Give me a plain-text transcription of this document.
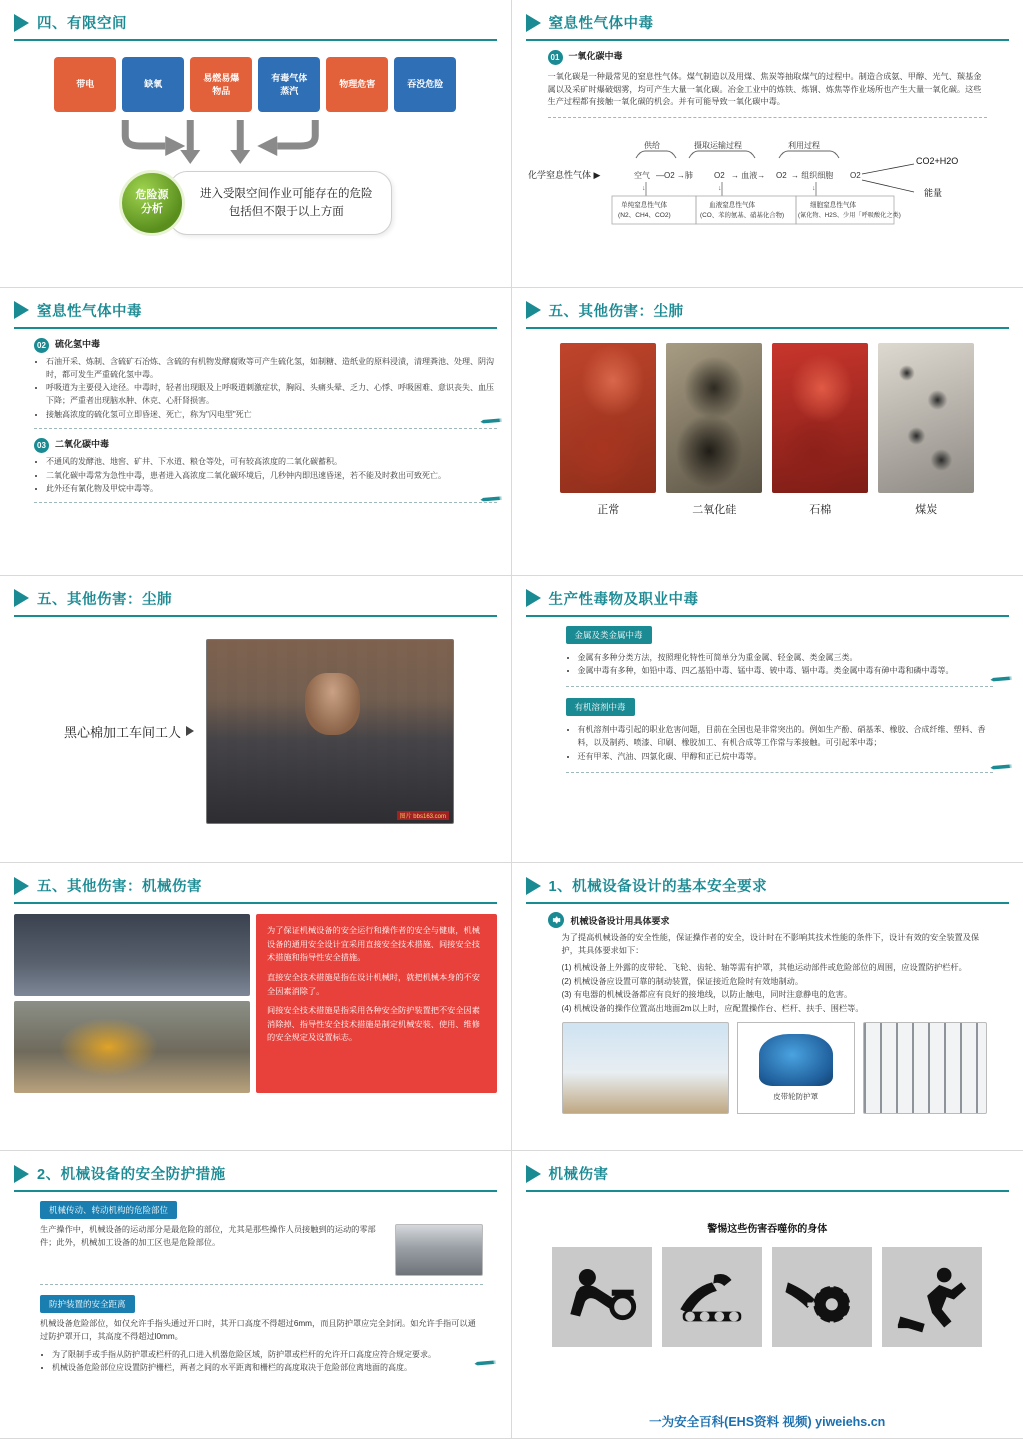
四、有限空间
带电	缺氧
易燃易爆
物品
有毒气体
蒸汽
物理危害	吞没危险
危险源
分析
进入受限空间作业可能存在的危险
包括但不限于以上方面
窒息性气体中毒
01	一氧化碳中毒
一氧化碳是一种最常见的窒息性气体。煤气制造以及用煤、焦炭等抽取煤气的过程中。制造合成氨、甲醇、光气、羰基金属以及采矿时爆破烟雾，均可产生大量一氧化碳。冶金工业中的炼铁、炼钢、炼焦等作业场所也产生大量一氧化碳。这些生产过程都有接触一氧化碳的机会。并有可能导致一氧化碳中毒。
化学窒息性气体 ▶
供给	摄取运输过程	利用过程
空气 —O2 →肺	O2 → 血液→ O2 → 组织细胞 O2
CO2+H2O
能量
↓	↓	↓
单纯窒息性气体
(N2、CH4、CO2)
血液窒息性气体
(CO、苯的氨基、硝基化合物)
细胞窒息性气体
(氰化物、H2S、少用「呼吸酸化之类)
窒息性气体中毒
02	硫化氢中毒
• 石油开采、炼制、含硫矿石冶炼、含硫的有机物发酵腐败等可产生硫化氢，如制糖、造纸业的原料浸渍，清理粪池、处理、阴沟时，都可发生严重硫化氢中毒。
• 呼吸道为主要侵入途径。中毒时，轻者出现眼及上呼吸道刺激症状，胸闷、头痛头晕、乏力、心悸、呼吸困难、意识丧失、血压下降；严重者出现脑水肿、休克、心肝肾损害。
• 接触高浓度的硫化氢可立即昏迷、死亡，称为"闪电型"死亡
03	二氧化碳中毒
• 不通风的发酵池、地窖、矿井、下水道、粮仓等处，可有较高浓度的二氧化碳蓄积。
• 二氧化碳中毒常为急性中毒，患者进入高浓度二氧化碳环境后，几秒钟内即迅速昏迷，若不能及时救出可致死亡。
• 此外还有氰化物及甲烷中毒等。
五、其他伤害：尘肺
正常	二氧化硅	石棉	煤炭
五、其他伤害：尘肺
黑心棉加工车间工人
图片 bbs163.com
生产性毒物及职业中毒
金属及类金属中毒
• 金属有多种分类方法，按照理化特性可简单分为重金属、轻金属、类金属三类。
• 金属中毒有多种，如铅中毒、四乙基铅中毒、锰中毒、铍中毒、镉中毒。类金属中毒有砷中毒和磷中毒等。
有机溶剂中毒
• 有机溶剂中毒引起的职业危害问题，目前在全国也是非常突出的。例如生产酚、硝基苯、橡胶、合成纤维、塑料、香料，以及制药、喷漆、印刷、橡胶加工、有机合成等工作常与苯接触。可引起苯中毒；
• 还有甲苯、汽油、四氯化碳、甲醇和正已烷中毒等。
五、其他伤害：机械伤害

为了保证机械设备的安全运行和操作者的安全与健康，机械设备的通用安全设计宜采用直接安全技术措施、间接安全技术措施和指导性安全措施。

直接安全技术措施是指在设计机械时，就把机械本身的不安全因素消除了。

间接安全技术措施是指采用各种安全防护装置把不安全因素消除掉、指导性安全技术措施是制定机械安装、使用、维修的安全规定及设置标志。

1、机械设备设计的基本安全要求
机械设备设计用具体要求
为了提高机械设备的安全性能，保证操作者的安全，设计时在不影响其技术性能的条件下，设计有效的安全装置及保护，其具体要求如下：
(1) 机械设备上外露的皮带轮、飞轮、齿轮、轴等需有护罩，其他运动部件或危险部位的周围，应设置防护栏杆。
(2) 机械设备应设置可靠的制动装置，保证接近危险时有效地制动。
(3) 有电器的机械设备都应有良好的接地线，以防止触电，同时注意静电的危害。
(4) 机械设备的操作位置高出地面2m以上时，应配置操作台、栏杆、扶手、围栏等。
皮带轮防护罩
2、机械设备的安全防护措施
机械传动、转动机构的危险部位
生产操作中，机械设备的运动部分是最危险的部位，尤其是那些操作人员接触到的运动的零部件；此外，机械加工设备的加工区也是危险部位。
防护装置的安全距离
机械设备危险部位，如仅允许手指头通过开口时，其开口高度不得超过6mm，而且防护罩应完全封闭。如允许手指可以通过防护罩开口，其高度不得超过l0mm。
• 为了限制手或手指从防护罩或栏杆的孔口进入机器危险区域，防护罩或栏杆的允许开口高度应符合规定要求。
• 机械设备危险部位应设置防护栅栏，两者之间的水平距离和栅栏的高度取决于危险部位离地面的高度。
机械伤害
警惕这些伤害吞噬你的身体
一为安全百科(EHS资料 视频) yiweiehs.cn
